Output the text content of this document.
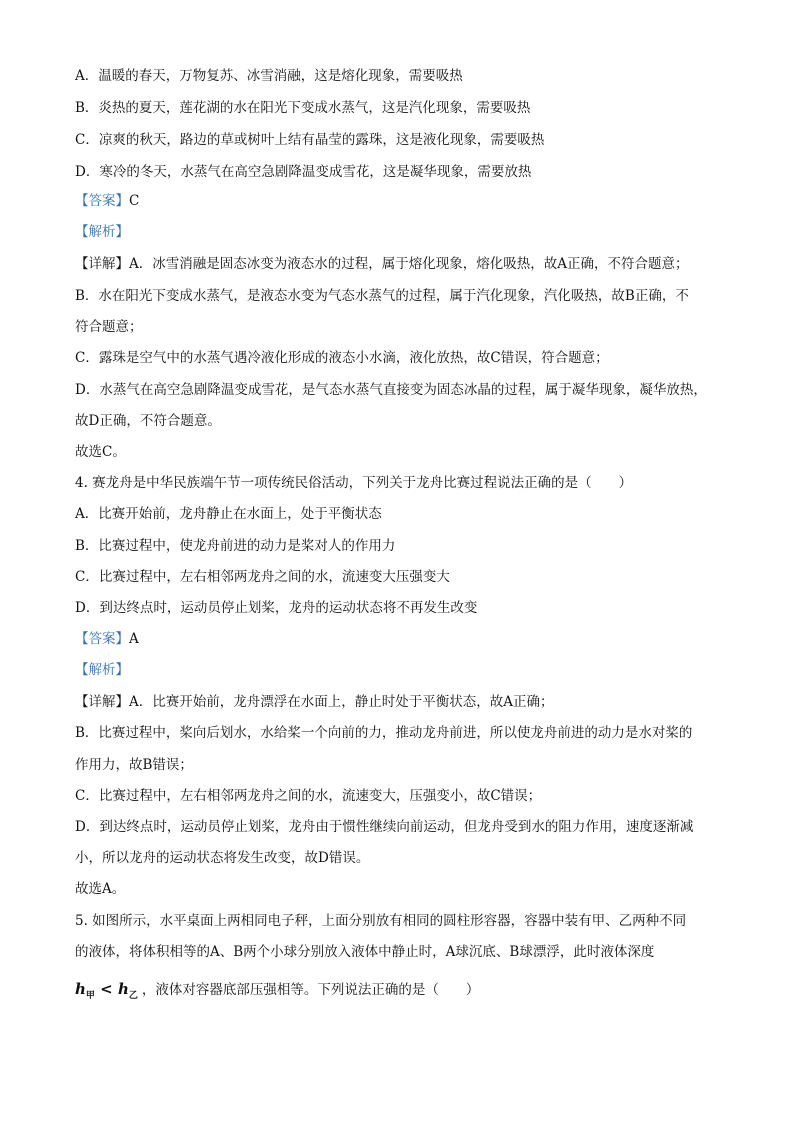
A．温暖的春天，万物复苏、冰雪消融，这是熔化现象，需要吸热
B．炎热的夏天，莲花湖的水在阳光下变成水蒸气，这是汽化现象，需要吸热
C．凉爽的秋天，路边的草或树叶上结有晶莹的露珠，这是液化现象，需要吸热
D．寒冷的冬天，水蒸气在高空急剧降温变成雪花，这是凝华现象，需要放热
【答案】C
【解析】
【详解】A．冰雪消融是固态冰变为液态水的过程，属于熔化现象，熔化吸热，故A正确，不符合题意；
B．水在阳光下变成水蒸气，是液态水变为气态水蒸气的过程，属于汽化现象，汽化吸热，故B正确，不
符合题意；
C．露珠是空气中的水蒸气遇冷液化形成的液态小水滴，液化放热，故C错误，符合题意；
D．水蒸气在高空急剧降温变成雪花，是气态水蒸气直接变为固态冰晶的过程，属于凝华现象，凝华放热，
故D正确，不符合题意。
故选C。
4. 赛龙舟是中华民族端午节一项传统民俗活动，下列关于龙舟比赛过程说法正确的是（　　）
A．比赛开始前，龙舟静止在水面上，处于平衡状态
B．比赛过程中，使龙舟前进的动力是桨对人的作用力
C．比赛过程中，左右相邻两龙舟之间的水，流速变大压强变大
D．到达终点时，运动员停止划桨，龙舟的运动状态将不再发生改变
【答案】A
【解析】
【详解】A．比赛开始前，龙舟漂浮在水面上，静止时处于平衡状态，故A正确；
B．比赛过程中，桨向后划水，水给桨一个向前的力，推动龙舟前进，所以使龙舟前进的动力是水对桨的
作用力，故B错误；
C．比赛过程中，左右相邻两龙舟之间的水，流速变大，压强变小，故C错误；
D．到达终点时，运动员停止划桨，龙舟由于惯性继续向前运动，但龙舟受到水的阻力作用，速度逐渐减
小，所以龙舟的运动状态将发生改变，故D错误。
故选A。
5. 如图所示，水平桌面上两相同电子秤，上面分别放有相同的圆柱形容器，容器中装有甲、乙两种不同
的液体，将体积相等的A、B两个小球分别放入液体中静止时，A球沉底、B球漂浮，此时液体深度
$h_甲 < h_乙$ ，液体对容器底部压强相等。下列说法正确的是（　　）
